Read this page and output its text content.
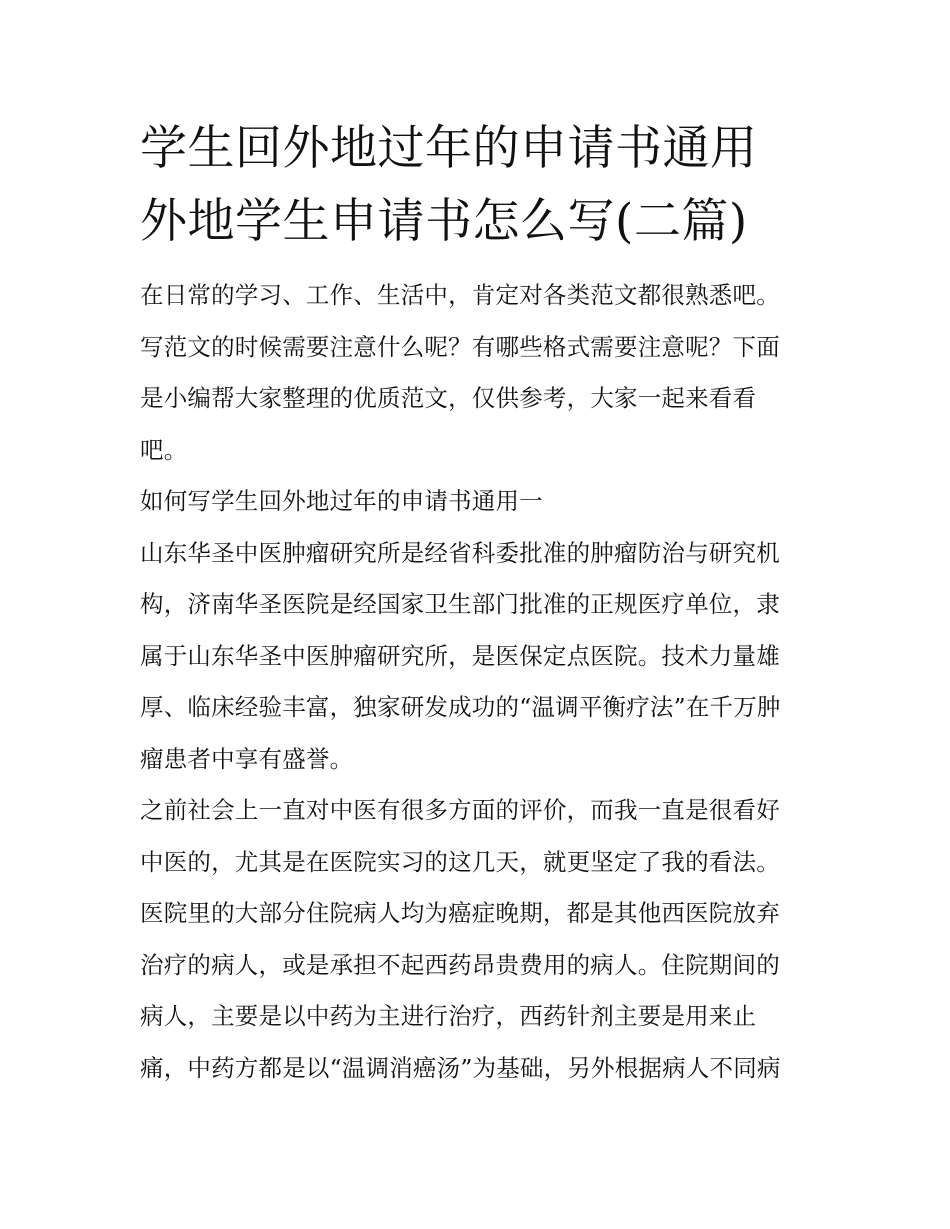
学生回外地过年的申请书通用
外地学生申请书怎么写(二篇)
在日常的学习、工作、生活中，肯定对各类范文都很熟悉吧。
写范文的时候需要注意什么呢？有哪些格式需要注意呢？下面
是小编帮大家整理的优质范文，仅供参考，大家一起来看看
吧。
如何写学生回外地过年的申请书通用一
山东华圣中医肿瘤研究所是经省科委批准的肿瘤防治与研究机
构，济南华圣医院是经国家卫生部门批准的正规医疗单位，隶
属于山东华圣中医肿瘤研究所，是医保定点医院。技术力量雄
厚、临床经验丰富，独家研发成功的“温调平衡疗法”在千万肿
瘤患者中享有盛誉。
之前社会上一直对中医有很多方面的评价，而我一直是很看好
中医的，尤其是在医院实习的这几天，就更坚定了我的看法。
医院里的大部分住院病人均为癌症晚期，都是其他西医院放弃
治疗的病人，或是承担不起西药昂贵费用的病人。住院期间的
病人，主要是以中药为主进行治疗，西药针剂主要是用来止
痛，中药方都是以“温调消癌汤”为基础，另外根据病人不同病
